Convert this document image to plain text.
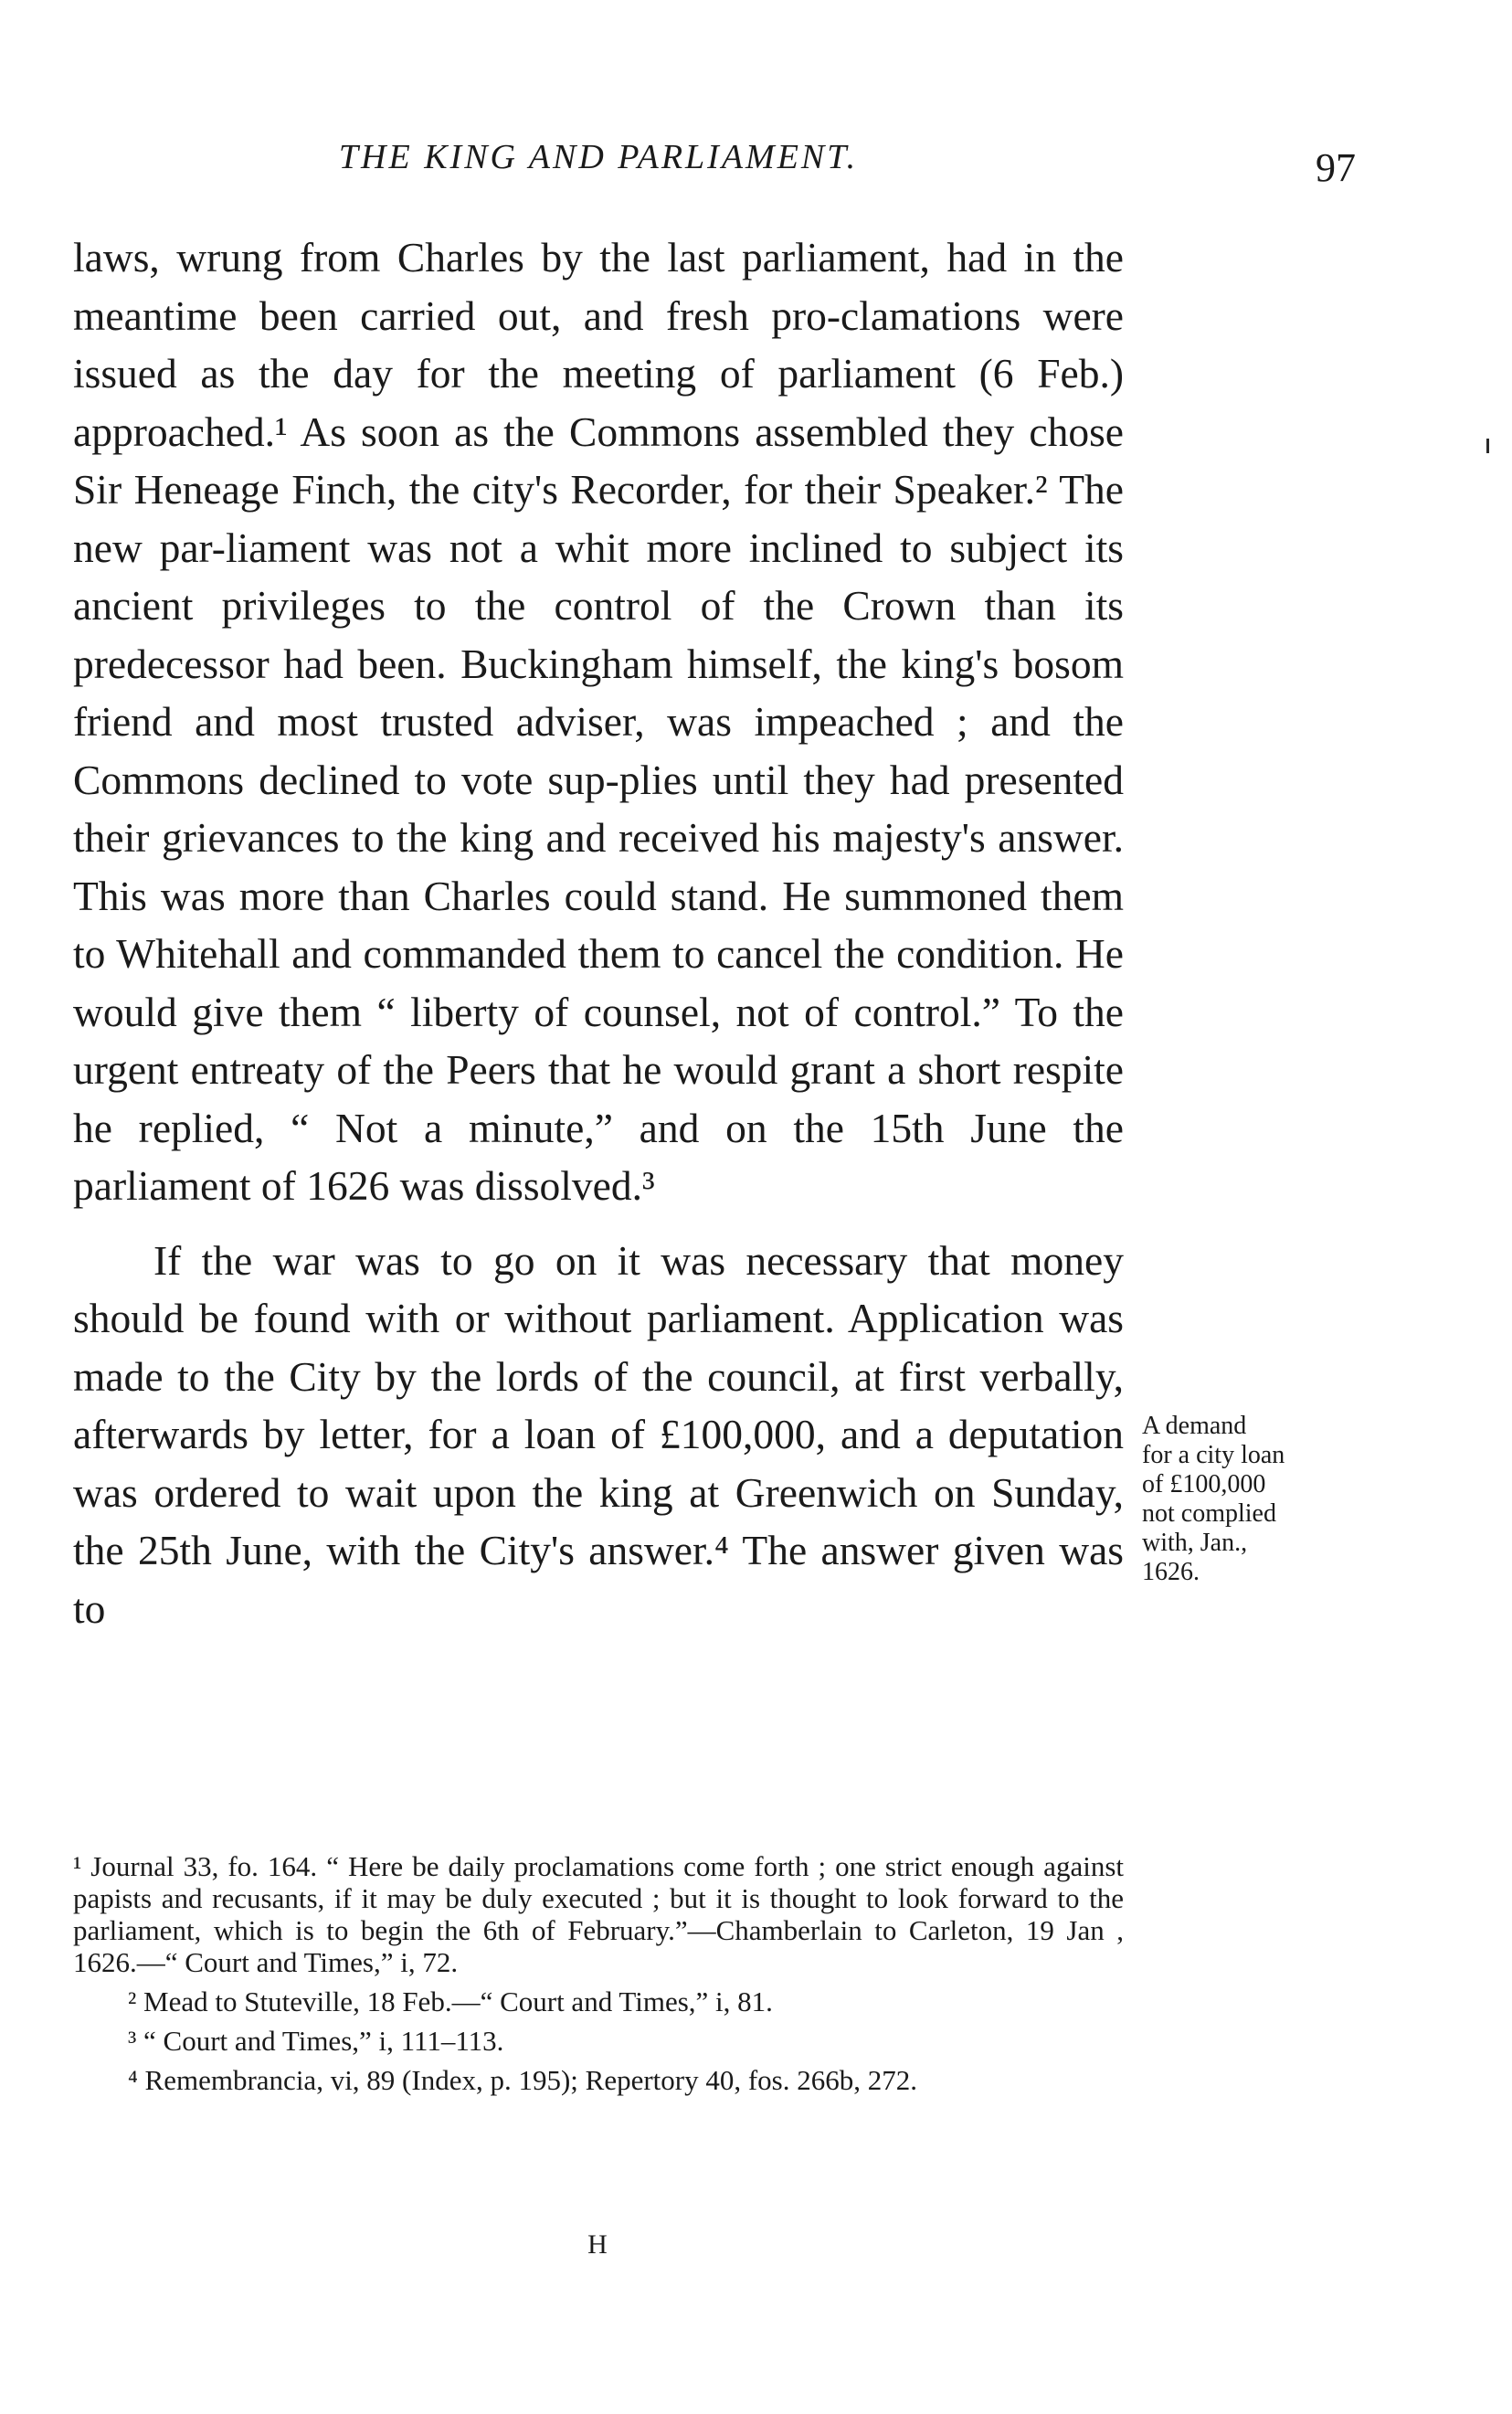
THE KING AND PARLIAMENT.	97

laws, wrung from Charles by the last parliament, had in the meantime been carried out, and fresh pro-clamations were issued as the day for the meeting of parliament (6 Feb.) approached.¹ As soon as the Commons assembled they chose Sir Heneage Finch, the city's Recorder, for their Speaker.² The new par-liament was not a whit more inclined to subject its ancient privileges to the control of the Crown than its predecessor had been. Buckingham himself, the king's bosom friend and most trusted adviser, was impeached ; and the Commons declined to vote sup-plies until they had presented their grievances to the king and received his majesty's answer. This was more than Charles could stand. He summoned them to Whitehall and commanded them to cancel the condition. He would give them “ liberty of counsel, not of control.” To the urgent entreaty of the Peers that he would grant a short respite he replied, “ Not a minute,” and on the 15th June the parliament of 1626 was dissolved.³

If the war was to go on it was necessary that money should be found with or without parliament. Application was made to the City by the lords of the council, at first verbally, afterwards by letter, for a loan of £100,000, and a deputation was ordered to wait upon the king at Greenwich on Sunday, the 25th June, with the City's answer.⁴ The answer given was to

A demand
for a city loan
of £100,000
not complied
with, Jan.,
1626.

¹ Journal 33, fo. 164. “ Here be daily proclamations come forth ; one strict enough against papists and recusants, if it may be duly executed ; but it is thought to look forward to the parliament, which is to begin the 6th of February.”—Chamberlain to Carleton, 19 Jan , 1626.—“ Court and Times,” i, 72.

² Mead to Stuteville, 18 Feb.—“ Court and Times,” i, 81.

³ “ Court and Times,” i, 111–113.

⁴ Remembrancia, vi, 89 (Index, p. 195); Repertory 40, fos. 266b, 272.

H
